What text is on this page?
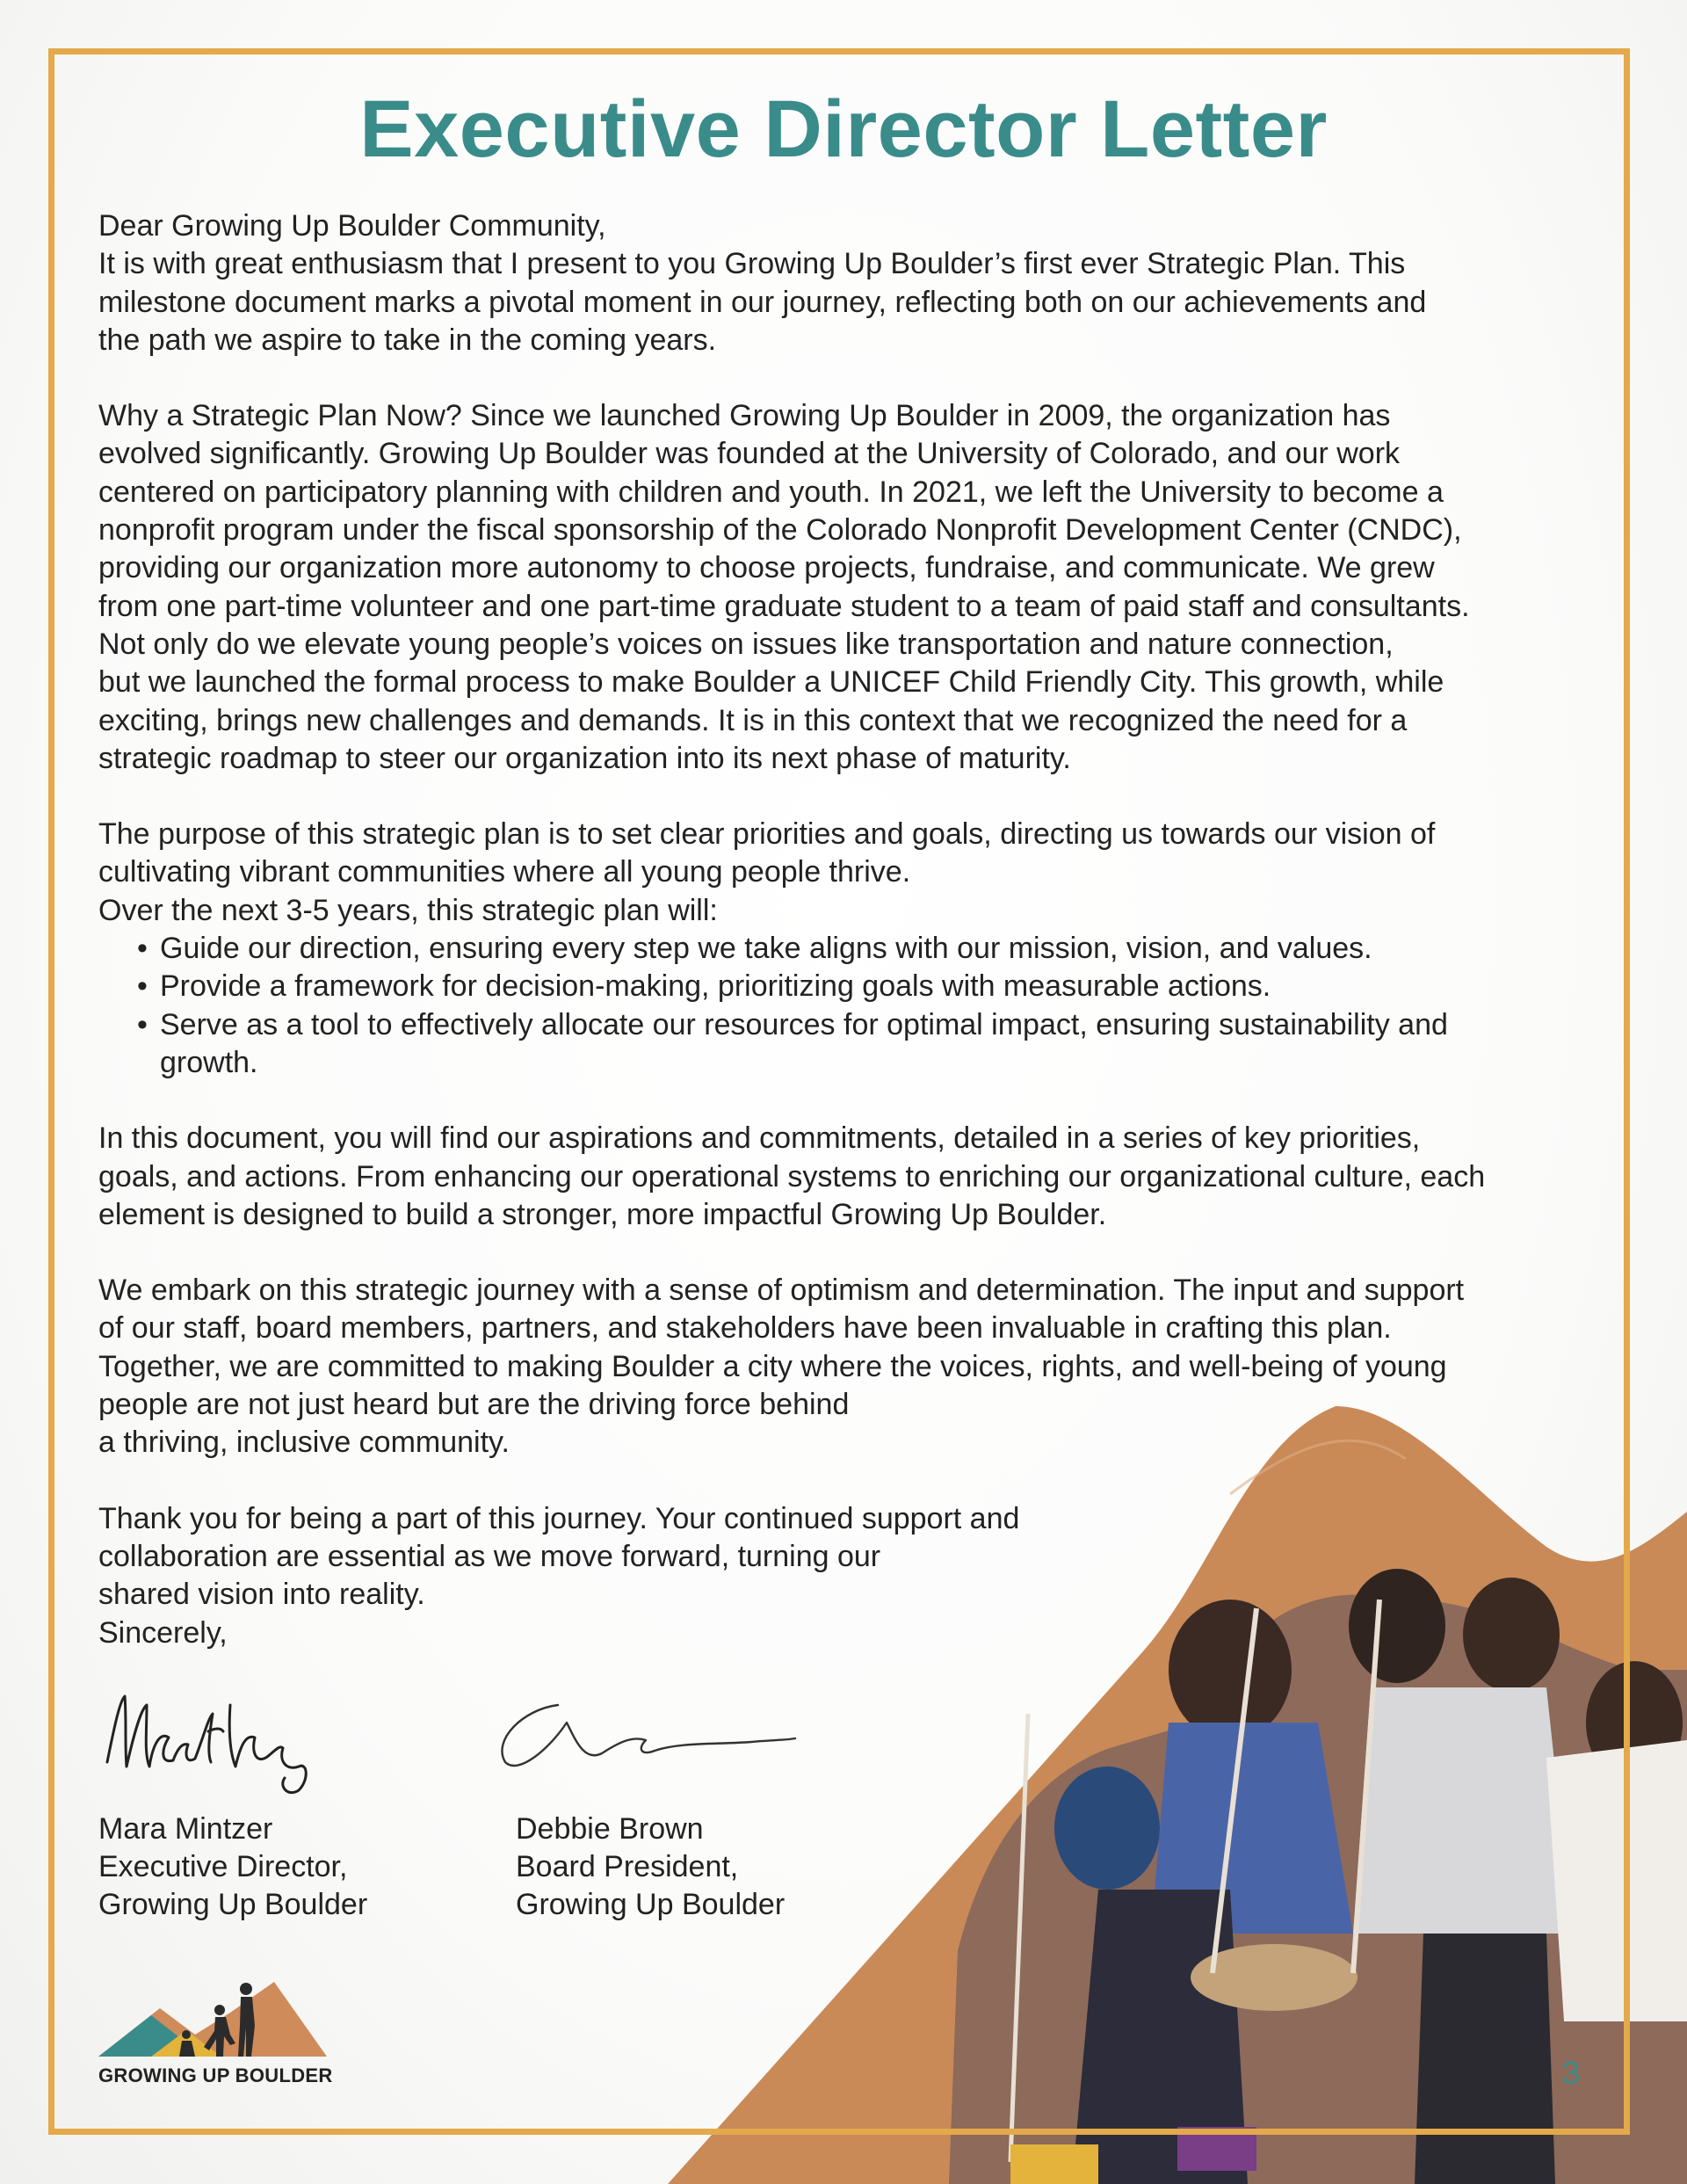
Executive Director Letter
Dear Growing Up Boulder Community,
It is with great enthusiasm that I present to you Growing Up Boulder’s first ever Strategic Plan. This
milestone document marks a pivotal moment in our journey, reflecting both on our achievements and
the path we aspire to take in the coming years.
Why a Strategic Plan Now? Since we launched Growing Up Boulder in 2009, the organization has
evolved significantly. Growing Up Boulder was founded at the University of Colorado, and our work
centered on participatory planning with children and youth. In 2021, we left the University to become a
nonprofit program under the fiscal sponsorship of the Colorado Nonprofit Development Center (CNDC),
providing our organization more autonomy to choose projects, fundraise, and communicate. We grew
from one part-time volunteer and one part-time graduate student to a team of paid staff and consultants.
Not only do we elevate young people’s voices on issues like transportation and nature connection,
but we launched the formal process to make Boulder a UNICEF Child Friendly City. This growth, while
exciting, brings new challenges and demands. It is in this context that we recognized the need for a
strategic roadmap to steer our organization into its next phase of maturity.
The purpose of this strategic plan is to set clear priorities and goals, directing us towards our vision of
cultivating vibrant communities where all young people thrive.
Over the next 3-5 years, this strategic plan will:
• Guide our direction, ensuring every step we take aligns with our mission, vision, and values.
• Provide a framework for decision-making, prioritizing goals with measurable actions.
• Serve as a tool to effectively allocate our resources for optimal impact, ensuring sustainability and
growth.
In this document, you will find our aspirations and commitments, detailed in a series of key priorities,
goals, and actions. From enhancing our operational systems to enriching our organizational culture, each
element is designed to build a stronger, more impactful Growing Up Boulder.
We embark on this strategic journey with a sense of optimism and determination. The input and support
of our staff, board members, partners, and stakeholders have been invaluable in crafting this plan.
Together, we are committed to making Boulder a city where the voices, rights, and well-being of young
people are not just heard but are the driving force behind
a thriving, inclusive community.
Thank you for being a part of this journey. Your continued support and
collaboration are essential as we move forward, turning our
shared vision into reality.
Sincerely,
Mara Mintzer
Executive Director,
Growing Up Boulder
Debbie Brown
Board President,
Growing Up Boulder
GROWING UP BOULDER	3
